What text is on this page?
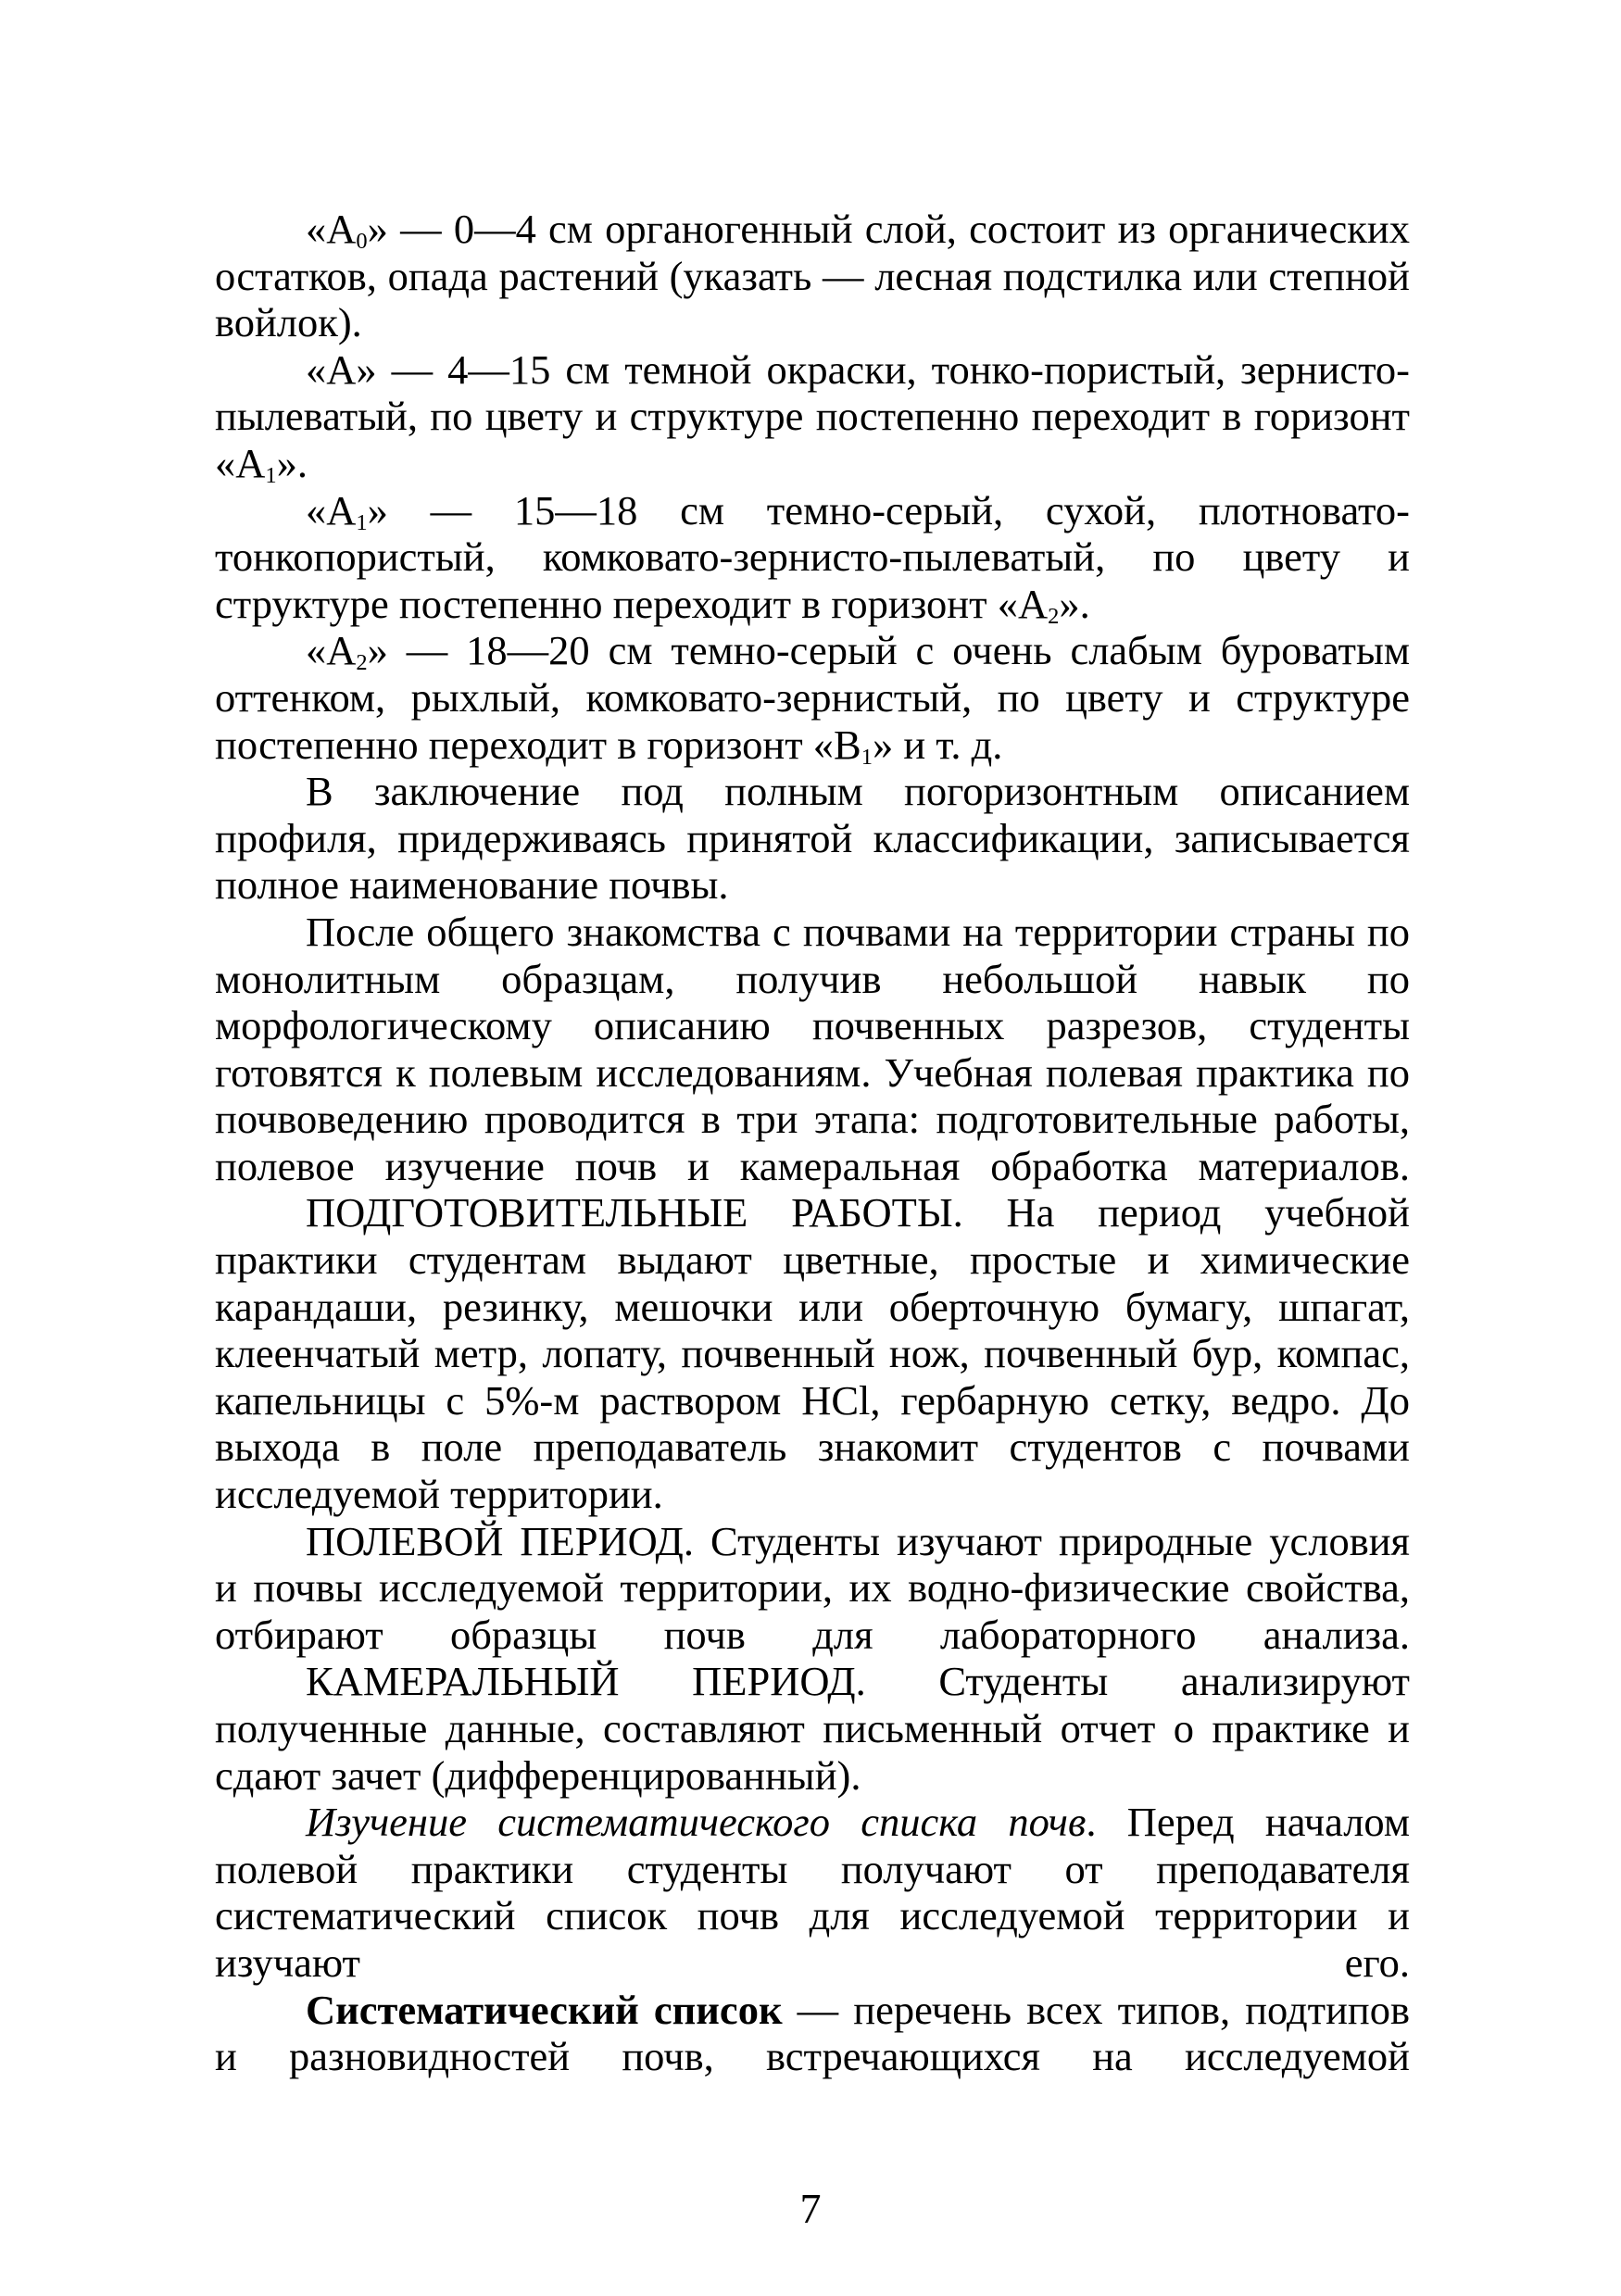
«$А_0$» — 0—4 см органогенный слой, состоит из органических остатков, опада растений (указать — лесная подстилка или степной войлок).

«А» — 4—15 см темной окраски, тонко-пористый, зернисто-пылеватый, по цвету и структуре постепенно переходит в горизонт «$А_1$».

«$А_1$» — 15—18 см темно-серый, сухой, плотновато-тонкопористый, комковато-зернисто-пылеватый, по цвету и структуре постепенно переходит в горизонт «$А_2$».

«$А_2$» — 18—20 см темно-серый с очень слабым буроватым оттенком, рыхлый, комковато-зернистый, по цвету и структуре постепенно переходит в горизонт «$В_1$» и т. д.

В заключение под полным погоризонтным описанием профиля, придерживаясь принятой классификации, записывается полное наименование почвы.

После общего знакомства с почвами на территории страны по монолитным образцам, получив небольшой навык по морфологическому описанию почвенных разрезов, студенты готовятся к полевым исследованиям. Учебная полевая практика по почвоведению проводится в три этапа: подготовительные работы, полевое изучение почв и камеральная обработка материалов.

ПОДГОТОВИТЕЛЬНЫЕ РАБОТЫ. На период учебной практики студентам выдают цветные, простые и химические карандаши, резинку, мешочки или оберточную бумагу, шпагат, клеенчатый метр, лопату, почвенный нож, почвенный бур, компас, капельницы с 5%-м раствором HCl, гербарную сетку, ведро. До выхода в поле преподаватель знакомит студентов с почвами исследуемой территории.

ПОЛЕВОЙ ПЕРИОД. Студенты изучают природные условия и почвы исследуемой территории, их водно-физические свойства, отбирают образцы почв для лабораторного анализа.

КАМЕРАЛЬНЫЙ ПЕРИОД. Студенты анализируют полученные данные, составляют письменный отчет о практике и сдают зачет (дифференцированный).

Изучение систематического списка почв. Перед началом полевой практики студенты получают от преподавателя систематический список почв для исследуемой территории и изучают его.

Систематический список — перечень всех типов, подтипов и разновидностей почв, встречающихся на исследуемой

7
